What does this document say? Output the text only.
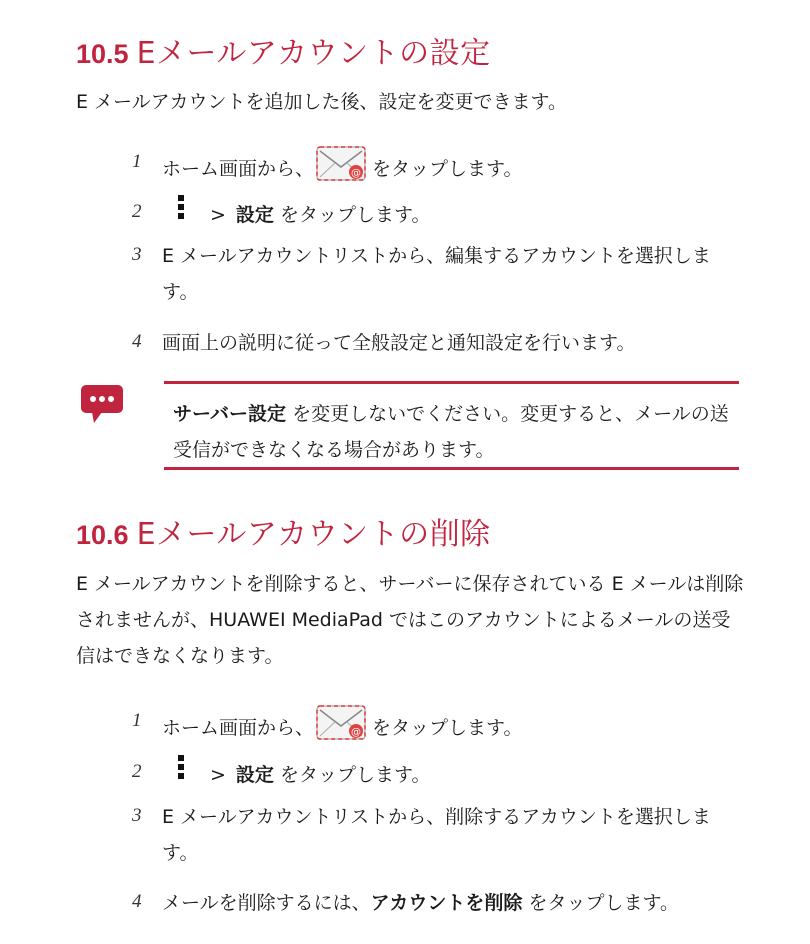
10.5 Eメールアカウントの設定

E メールアカウントを追加した後、設定を変更できます。

1 ホーム画面から、	をタップします。
2	> 設定 をタップします。
3 E メールアカウントリストから、編集するアカウントを選択します。
4 画面上の説明に従って全般設定と通知設定を行います。

サーバー設定 を変更しないでください。変更すると、メールの送受信ができなくなる場合があります。

10.6 Eメールアカウントの削除

E メールアカウントを削除すると、サーバーに保存されている E メールは削除されませんが、HUAWEI MediaPad ではこのアカウントによるメールの送受信はできなくなります。

1 ホーム画面から、	をタップします。
2	> 設定 をタップします。
3 E メールアカウントリストから、削除するアカウントを選択します。
4 メールを削除するには、アカウントを削除 をタップします。
